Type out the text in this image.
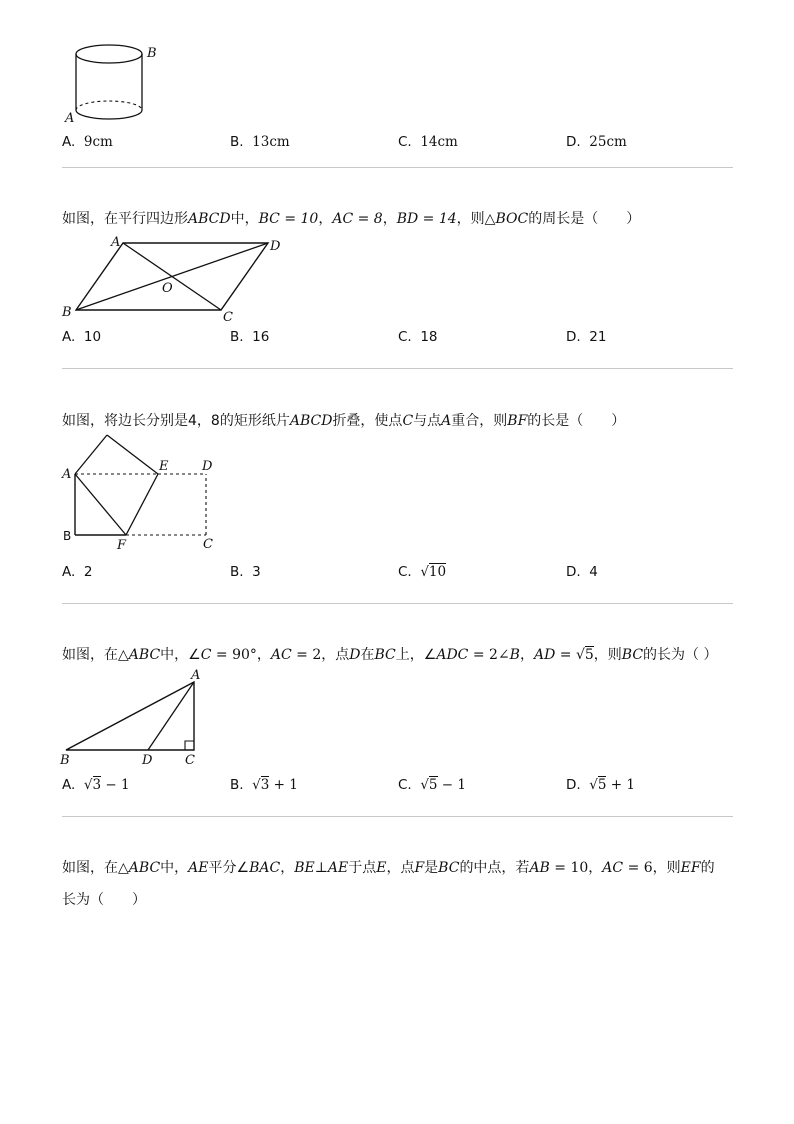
B
A
A. 9cm	B. 13cm	C. 14cm	D. 25cm
如图，在平行四边形ABCD中，BC = 10，AC = 8，BD = 14，则△BOC的周长是（　　）
A	D
O
B	C
A. 10	B. 16	C. 18	D. 21
如图，将边长分别是4，8的矩形纸片ABCD折叠，使点C与点A重合，则BF的长是（　　）
A
E	D
B
F	C
A. 2	B. 3	C. √10	D. 4
如图，在△ABC中，∠C = 90°，AC = 2，点D在BC上，∠ADC = 2∠B，AD = √5，则BC的长为（ ）
A
B	D	C
A. √3 − 1	B. √3 + 1	C. √5 − 1	D. √5 + 1
如图，在△ABC中，AE平分∠BAC，BE⊥AE于点E，点F是BC的中点，若AB = 10，AC = 6，则EF的
长为（　　）
